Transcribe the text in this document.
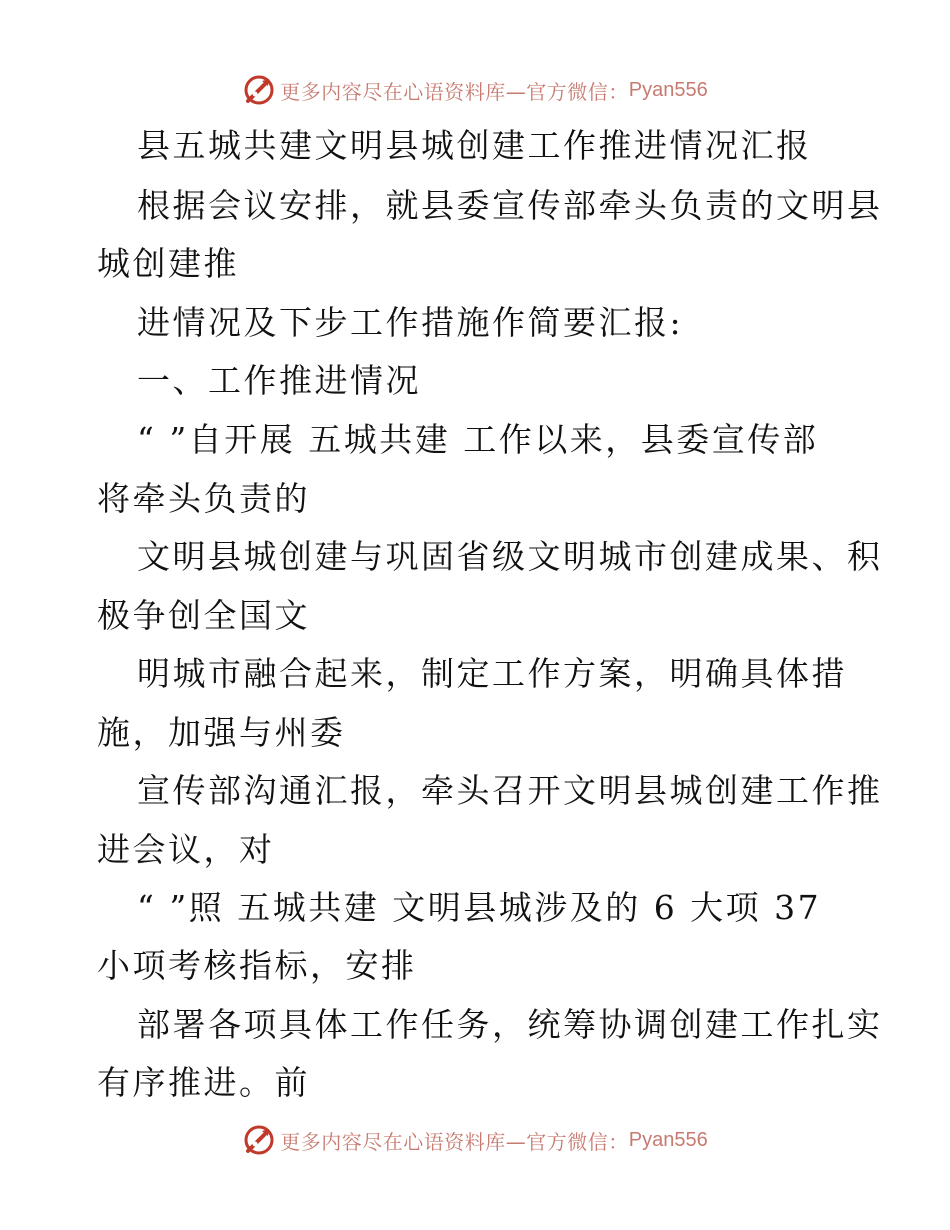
更多内容尽在心语资料库—官方微信： Pyan556
县五城共建文明县城创建工作推进情况汇报
根据会议安排，就县委宣传部牵头负责的文明县
城创建推
进情况及下步工作措施作简要汇报:
一、工作推进情况
“ ”自开展 五城共建 工作以来，县委宣传部
将牵头负责的
文明县城创建与巩固省级文明城市创建成果、积
极争创全国文
明城市融合起来，制定工作方案，明确具体措
施，加强与州委
宣传部沟通汇报，牵头召开文明县城创建工作推
进会议，对
“ ”照 五城共建 文明县城涉及的 6 大项 37
小项考核指标，安排
部署各项具体工作任务，统筹协调创建工作扎实
有序推进。前
更多内容尽在心语资料库—官方微信： Pyan556
